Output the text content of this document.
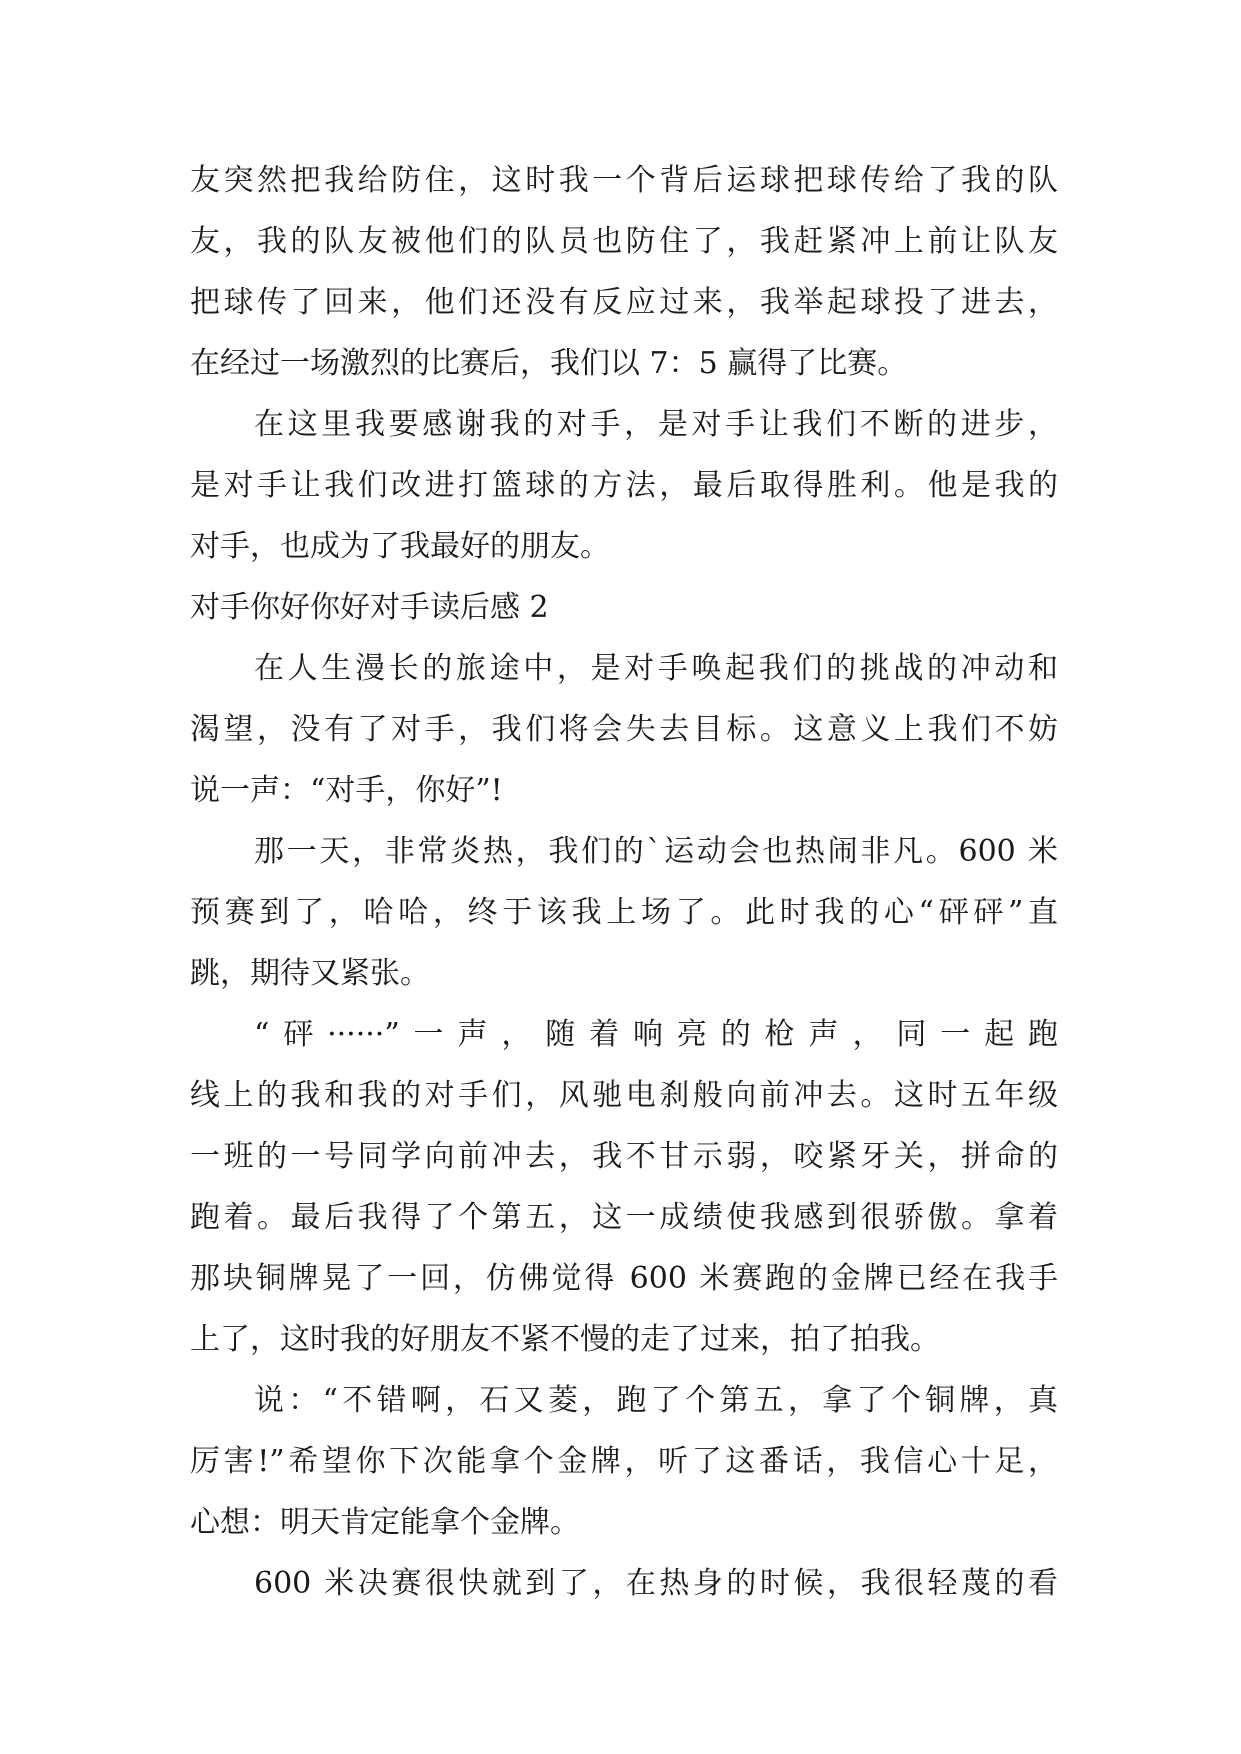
友突然把我给防住，这时我一个背后运球把球传给了我的队
友，我的队友被他们的队员也防住了，我赶紧冲上前让队友
把球传了回来，他们还没有反应过来，我举起球投了进去，
在经过一场激烈的比赛后，我们以 7：5 赢得了比赛。
在这里我要感谢我的对手，是对手让我们不断的进步，
是对手让我们改进打篮球的方法，最后取得胜利。他是我的
对手，也成为了我最好的朋友。
对手你好你好对手读后感 2
在人生漫长的旅途中，是对手唤起我们的挑战的冲动和
渴望，没有了对手，我们将会失去目标。这意义上我们不妨
说一声：“对手，你好”!
那一天，非常炎热，我们的`运动会也热闹非凡。600 米
预赛到了，哈哈，终于该我上场了。此时我的心“砰砰”直
跳，期待又紧张。
“砰······”一声，随着响亮的枪声，同一起跑
线上的我和我的对手们，风驰电刹般向前冲去。这时五年级
一班的一号同学向前冲去，我不甘示弱，咬紧牙关，拼命的
跑着。最后我得了个第五，这一成绩使我感到很骄傲。拿着
那块铜牌晃了一回，仿佛觉得 600 米赛跑的金牌已经在我手
上了，这时我的好朋友不紧不慢的走了过来，拍了拍我。
说：“不错啊，石又菱，跑了个第五，拿了个铜牌，真
厉害!”希望你下次能拿个金牌，听了这番话，我信心十足，
心想：明天肯定能拿个金牌。
600 米决赛很快就到了，在热身的时候，我很轻蔑的看
